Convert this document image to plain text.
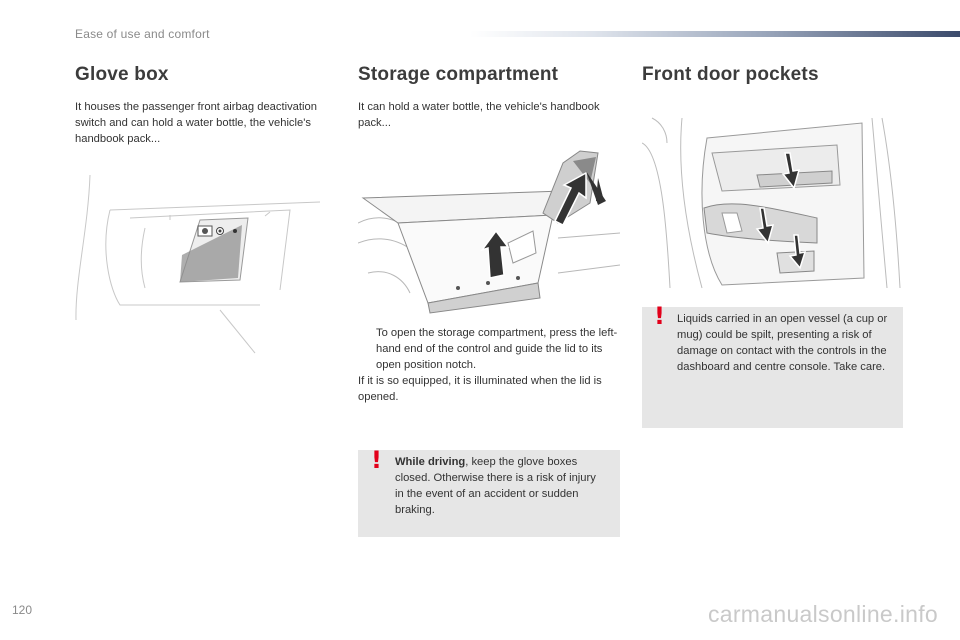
Ease of use and comfort
Glove box

It houses the passenger front airbag deactivation switch and can hold a water bottle, the vehicle's handbook pack...

Storage compartment

It can hold a water bottle, the vehicle's handbook pack...

To open the storage compartment, press the left-hand end of the control and guide the lid to its open position notch.
If it is so equipped, it is illuminated when the lid is opened.
! While driving, keep the glove boxes closed. Otherwise there is a risk of injury in the event of an accident or sudden braking.
Front door pockets
! Liquids carried in an open vessel (a cup or mug) could be spilt, presenting a risk of damage on contact with the controls in the dashboard and centre console. Take care.
120	carmanualsonline.info
